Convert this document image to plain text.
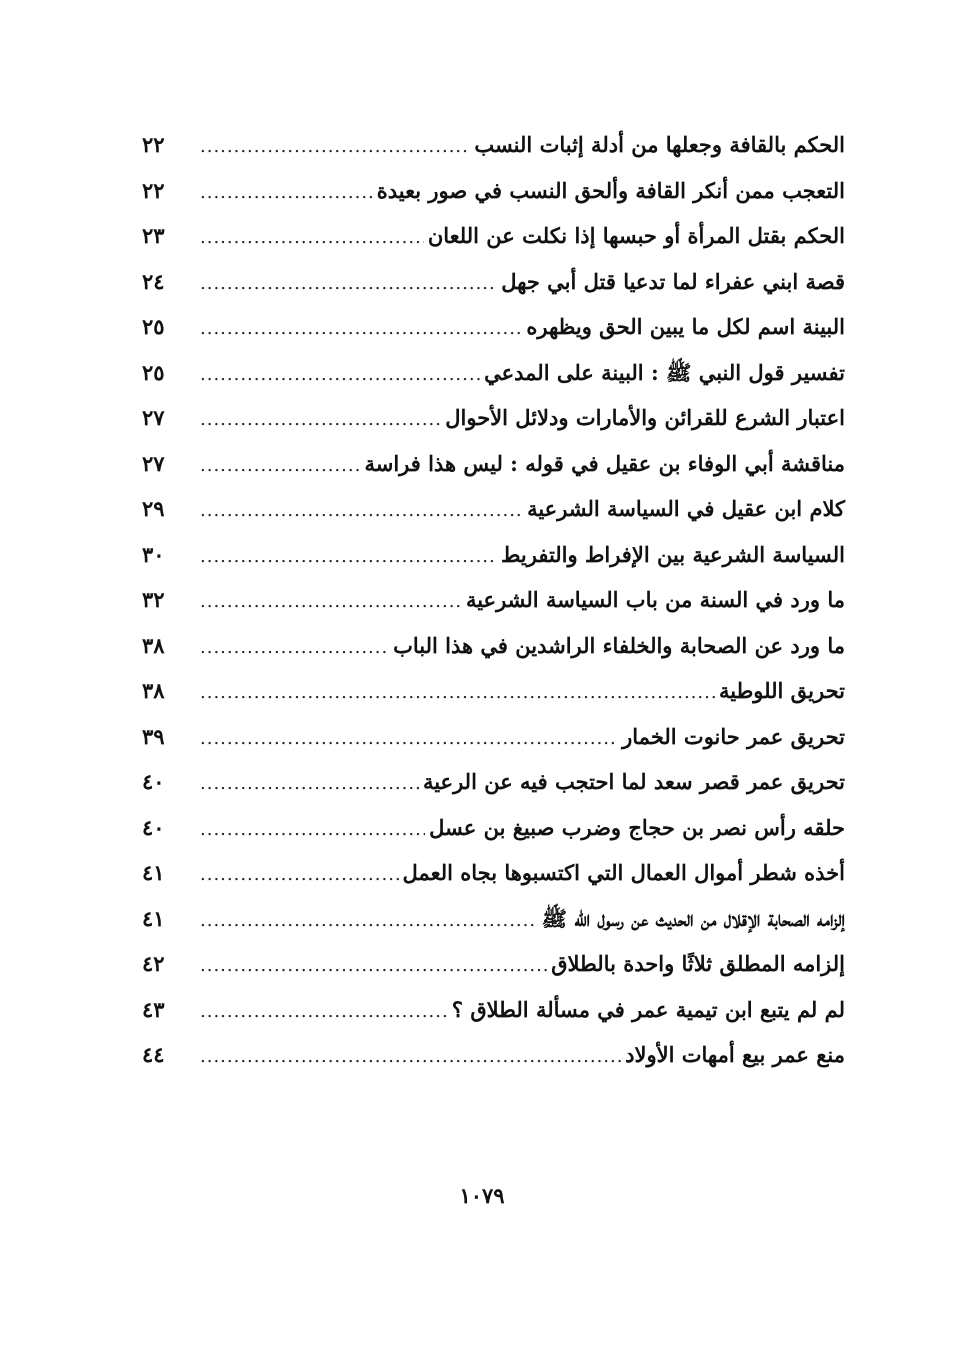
الحكم بالقافة وجعلها من أدلة إثبات النسب
.....
٢٢
التعجب ممن أنكر القافة وألحق النسب في صور بعيدة
.....
٢٢
الحكم بقتل المرأة أو حبسها إذا نكلت عن اللعان
.....
٢٣
قصة ابني عفراء لما تدعيا قتل أبي جهل
.....
٢٤
البينة اسم لكل ما يبين الحق ويظهره
.....
٢٥
تفسير قول النبي ﷺ : البينة على المدعي
.....
٢٥
اعتبار الشرع للقرائن والأمارات ودلائل الأحوال
.....
٢٧
مناقشة أبي الوفاء بن عقيل في قوله : ليس هذا فراسة
.....
٢٧
كلام ابن عقيل في السياسة الشرعية
.....
٢٩
السياسة الشرعية بين الإفراط والتفريط
.....
٣٠
ما ورد في السنة من باب السياسة الشرعية
.....
٣٢
ما ورد عن الصحابة والخلفاء الراشدين في هذا الباب
.....
٣٨
تحريق اللوطية
.....
٣٨
تحريق عمر حانوت الخمار
.....
٣٩
تحريق عمر قصر سعد لما احتجب فيه عن الرعية
.....
٤٠
حلقه رأس نصر بن حجاج وضرب صبيغ بن عسل
.....
٤٠
أخذه شطر أموال العمال التي اكتسبوها بجاه العمل
.....
٤١
إلزامه الصحابة الإقلال من الحديث عن رسول الله ﷺ
.....
٤١
إلزامه المطلق ثلاثًا واحدة بالطلاق
.....
٤٢
لم لم يتبع ابن تيمية عمر في مسألة الطلاق ؟
.....
٤٣
منع عمر بيع أمهات الأولاد
.....
٤٤
١٠٧٩
